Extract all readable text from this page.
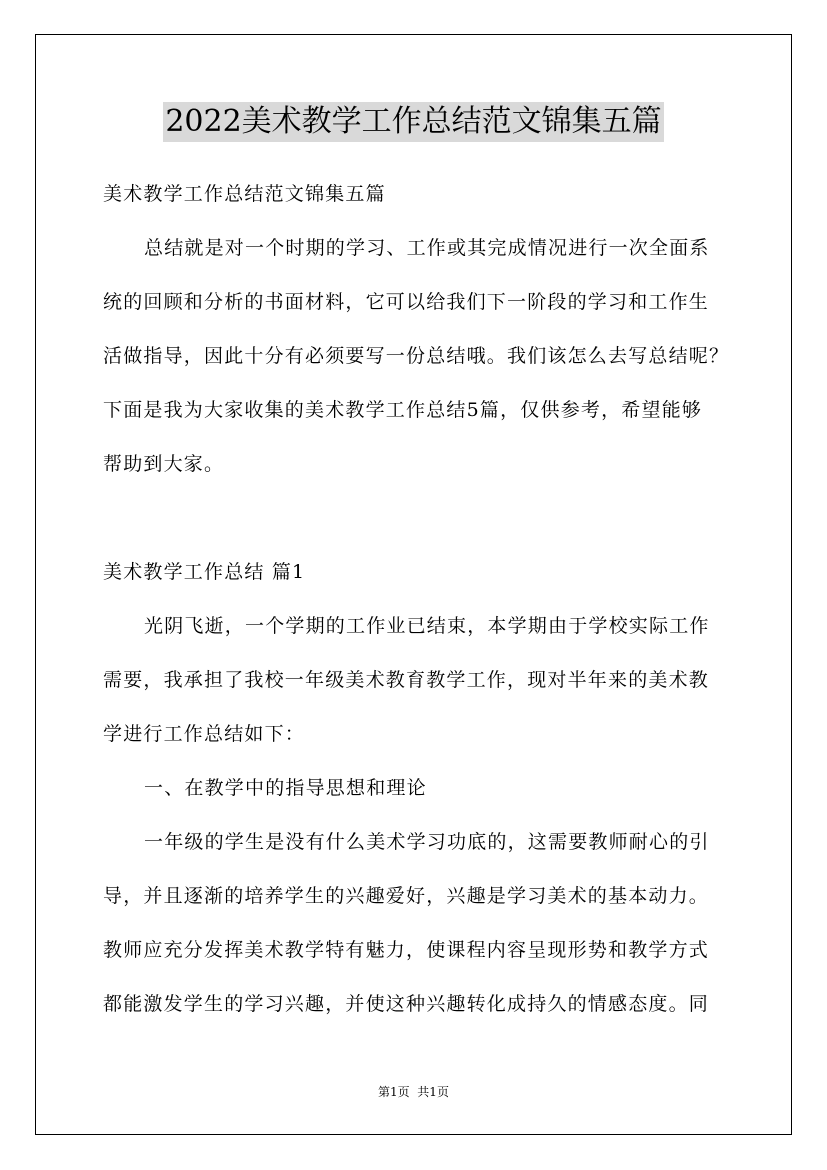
2022美术教学工作总结范文锦集五篇
美术教学工作总结范文锦集五篇
总结就是对一个时期的学习、工作或其完成情况进行一次全面系
统的回顾和分析的书面材料，它可以给我们下一阶段的学习和工作生
活做指导，因此十分有必须要写一份总结哦。我们该怎么去写总结呢？
下面是我为大家收集的美术教学工作总结5篇，仅供参考，希望能够
帮助到大家。
美术教学工作总结 篇1
光阴飞逝，一个学期的工作业已结束，本学期由于学校实际工作
需要，我承担了我校一年级美术教育教学工作，现对半年来的美术教
学进行工作总结如下：
一、在教学中的指导思想和理论
一年级的学生是没有什么美术学习功底的，这需要教师耐心的引
导，并且逐渐的培养学生的兴趣爱好，兴趣是学习美术的基本动力。
教师应充分发挥美术教学特有魅力，使课程内容呈现形势和教学方式
都能激发学生的学习兴趣，并使这种兴趣转化成持久的情感态度。同
第1页  共1页
